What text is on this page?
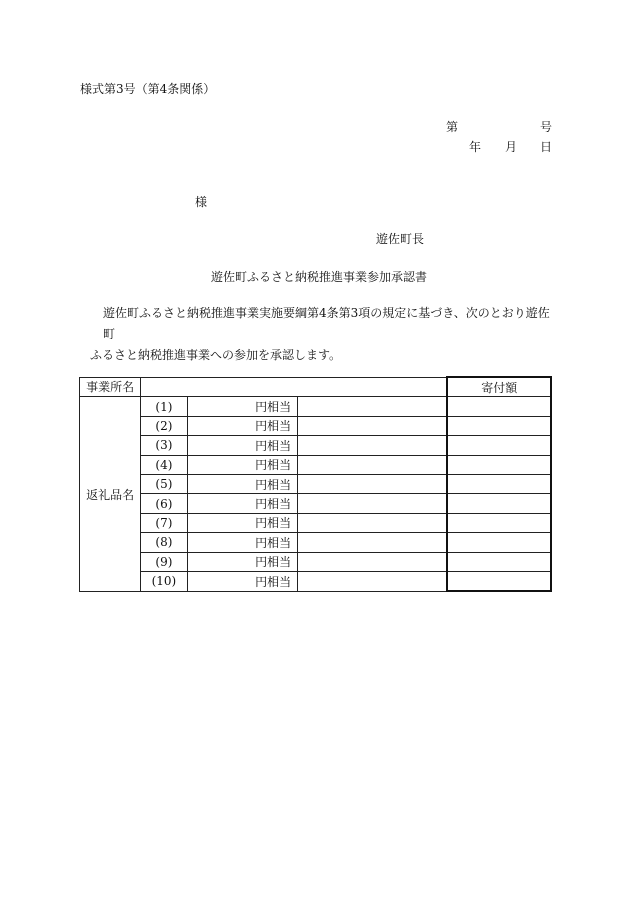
様式第3号（第4条関係）
第	号
年 月 日
様
遊佐町長
遊佐町ふるさと納税推進事業参加承認書
遊佐町ふるさと納税推進事業実施要綱第4条第3項の規定に基づき、次のとおり遊佐町
ふるさと納税推進事業への参加を承認します。
事業所名				寄付額
返礼品名	(1)	円相当		
	(2)	円相当		
	(3)	円相当		
	(4)	円相当		
	(5)	円相当		
	(6)	円相当		
	(7)	円相当		
	(8)	円相当		
	(9)	円相当		
	(10)	円相当		
